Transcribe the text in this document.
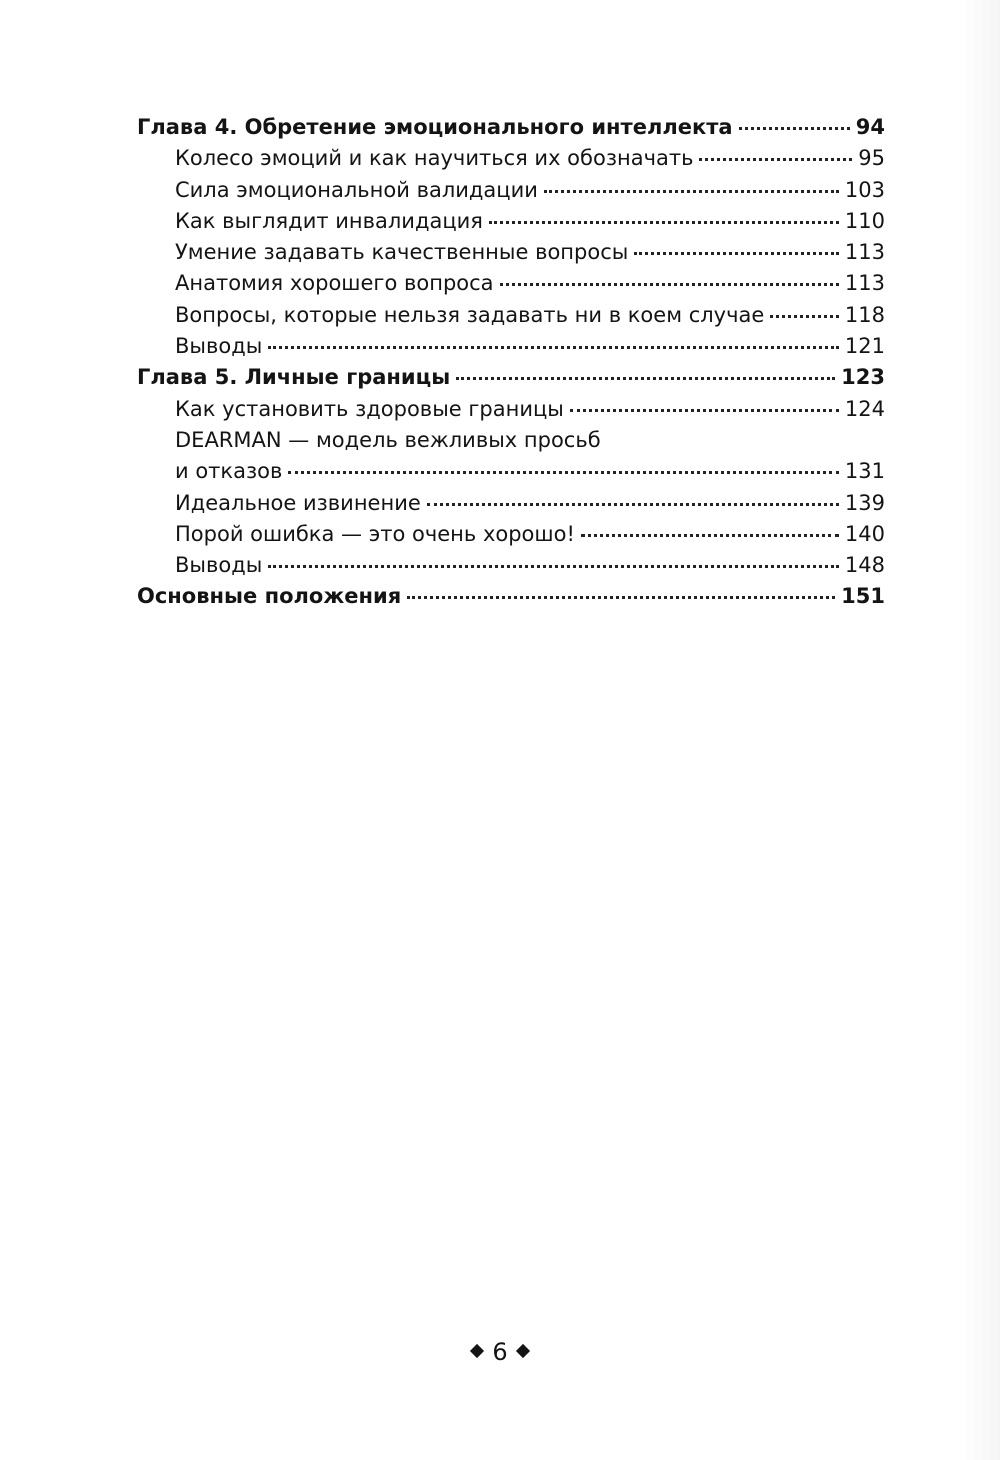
Глава 4. Обретение эмоционального интеллекта	94
Колесо эмоций и как научиться их обозначать	95
Сила эмоциональной валидации	103
Как выглядит инвалидация	110
Умение задавать качественные вопросы	113
Анатомия хорошего вопроса	113
Вопросы, которые нельзя задавать ни в коем случае	118
Выводы	121
Глава 5. Личные границы	123
Как установить здоровые границы	124
DEARMAN — модель вежливых просьб
и отказов	131
Идеальное извинение	139
Порой ошибка — это очень хорошо!	140
Выводы	148
Основные положения	151
6
